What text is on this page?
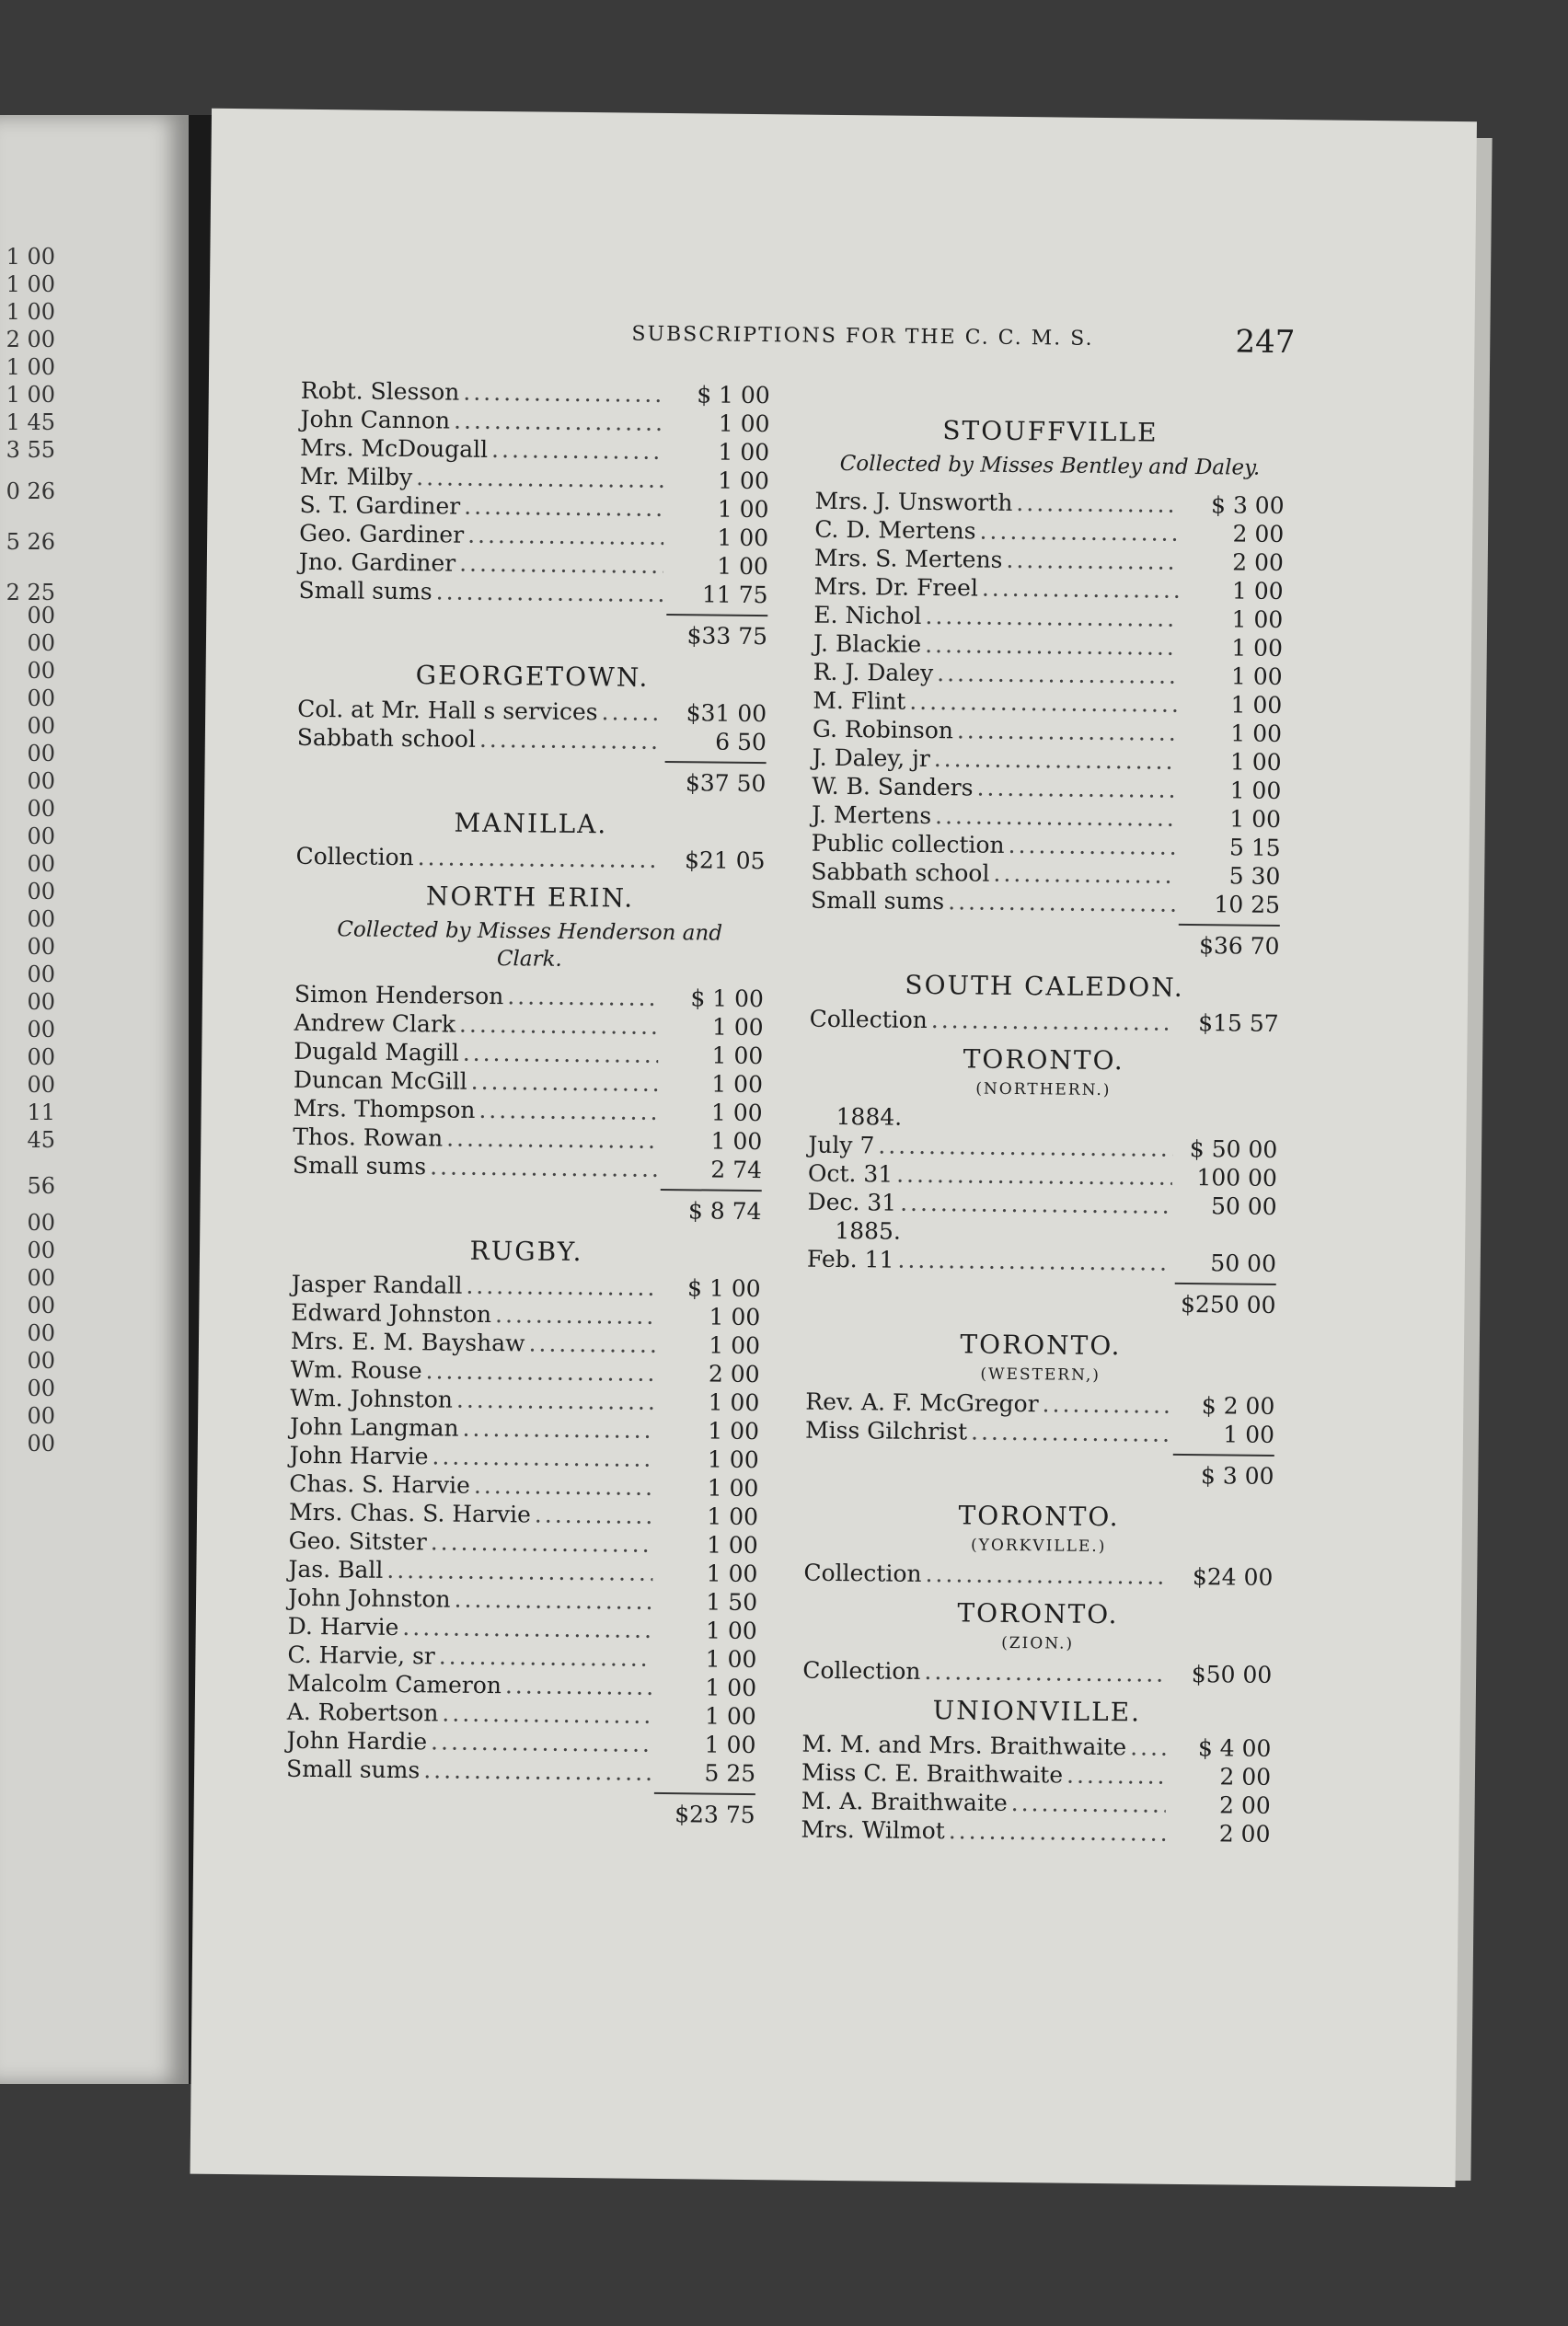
1 00
1 00
1 00
2 00
1 00
1 00
1 45
3 55
0 26
5 26
2 25
00
00
00
00
00
00
00
00
00
00
00
00
00
00
00
00
00
00
11
45
56
00
00
00
00
00
00
00
00
00
SUBSCRIPTIONS FOR THE C. C. M. S.	247
Robt. Slesson .....	$ 1 00
John Cannon .....	1 00
Mrs. McDougall .....	1 00
Mr. Milby .....	1 00
S. T. Gardiner .....	1 00
Geo. Gardiner .....	1 00
Jno. Gardiner .....	1 00
Small sums .....	11 75
$33 75
GEORGETOWN.
Col. at Mr. Hall s services .....	$31 00
Sabbath school .....	6 50
$37 50
MANILLA.
Collection .....	$21 05
NORTH ERIN.
Collected by Misses Henderson and Clark.
Simon Henderson .....	$ 1 00
Andrew Clark .....	1 00
Dugald Magill .....	1 00
Duncan McGill .....	1 00
Mrs. Thompson .....	1 00
Thos. Rowan .....	1 00
Small sums .....	2 74
$ 8 74
RUGBY.
Jasper Randall .....	$ 1 00
Edward Johnston .....	1 00
Mrs. E. M. Bayshaw .....	1 00
Wm. Rouse .....	2 00
Wm. Johnston .....	1 00
John Langman .....	1 00
John Harvie .....	1 00
Chas. S. Harvie .....	1 00
Mrs. Chas. S. Harvie .....	1 00
Geo. Sitster .....	1 00
Jas. Ball .....	1 00
John Johnston .....	1 50
D. Harvie .....	1 00
C. Harvie, sr .....	1 00
Malcolm Cameron .....	1 00
A. Robertson .....	1 00
John Hardie .....	1 00
Small sums .....	5 25
$23 75
STOUFFVILLE
Collected by Misses Bentley and Daley.
Mrs. J. Unsworth .....	$ 3 00
C. D. Mertens .....	2 00
Mrs. S. Mertens .....	2 00
Mrs. Dr. Freel .....	1 00
E. Nichol .....	1 00
J. Blackie .....	1 00
R. J. Daley .....	1 00
M. Flint .....	1 00
G. Robinson .....	1 00
J. Daley, jr .....	1 00
W. B. Sanders .....	1 00
J. Mertens .....	1 00
Public collection .....	5 15
Sabbath school .....	5 30
Small sums .....	10 25
$36 70
SOUTH CALEDON.
Collection .....	$15 57
TORONTO.
(NORTHERN.)
1884.
July 7 .....	$ 50 00
Oct. 31 .....	100 00
Dec. 31 .....	50 00
1885.
Feb. 11 .....	50 00
$250 00
TORONTO.
(WESTERN,)
Rev. A. F. McGregor .....	$ 2 00
Miss Gilchrist .....	1 00
$ 3 00
TORONTO.
(YORKVILLE.)
Collection .....	$24 00
TORONTO.
(ZION.)
Collection .....	$50 00
UNIONVILLE.
M. M. and Mrs. Braithwaite .....	$ 4 00
Miss C. E. Braithwaite .....	2 00
M. A. Braithwaite .....	2 00
Mrs. Wilmot .....	2 00
